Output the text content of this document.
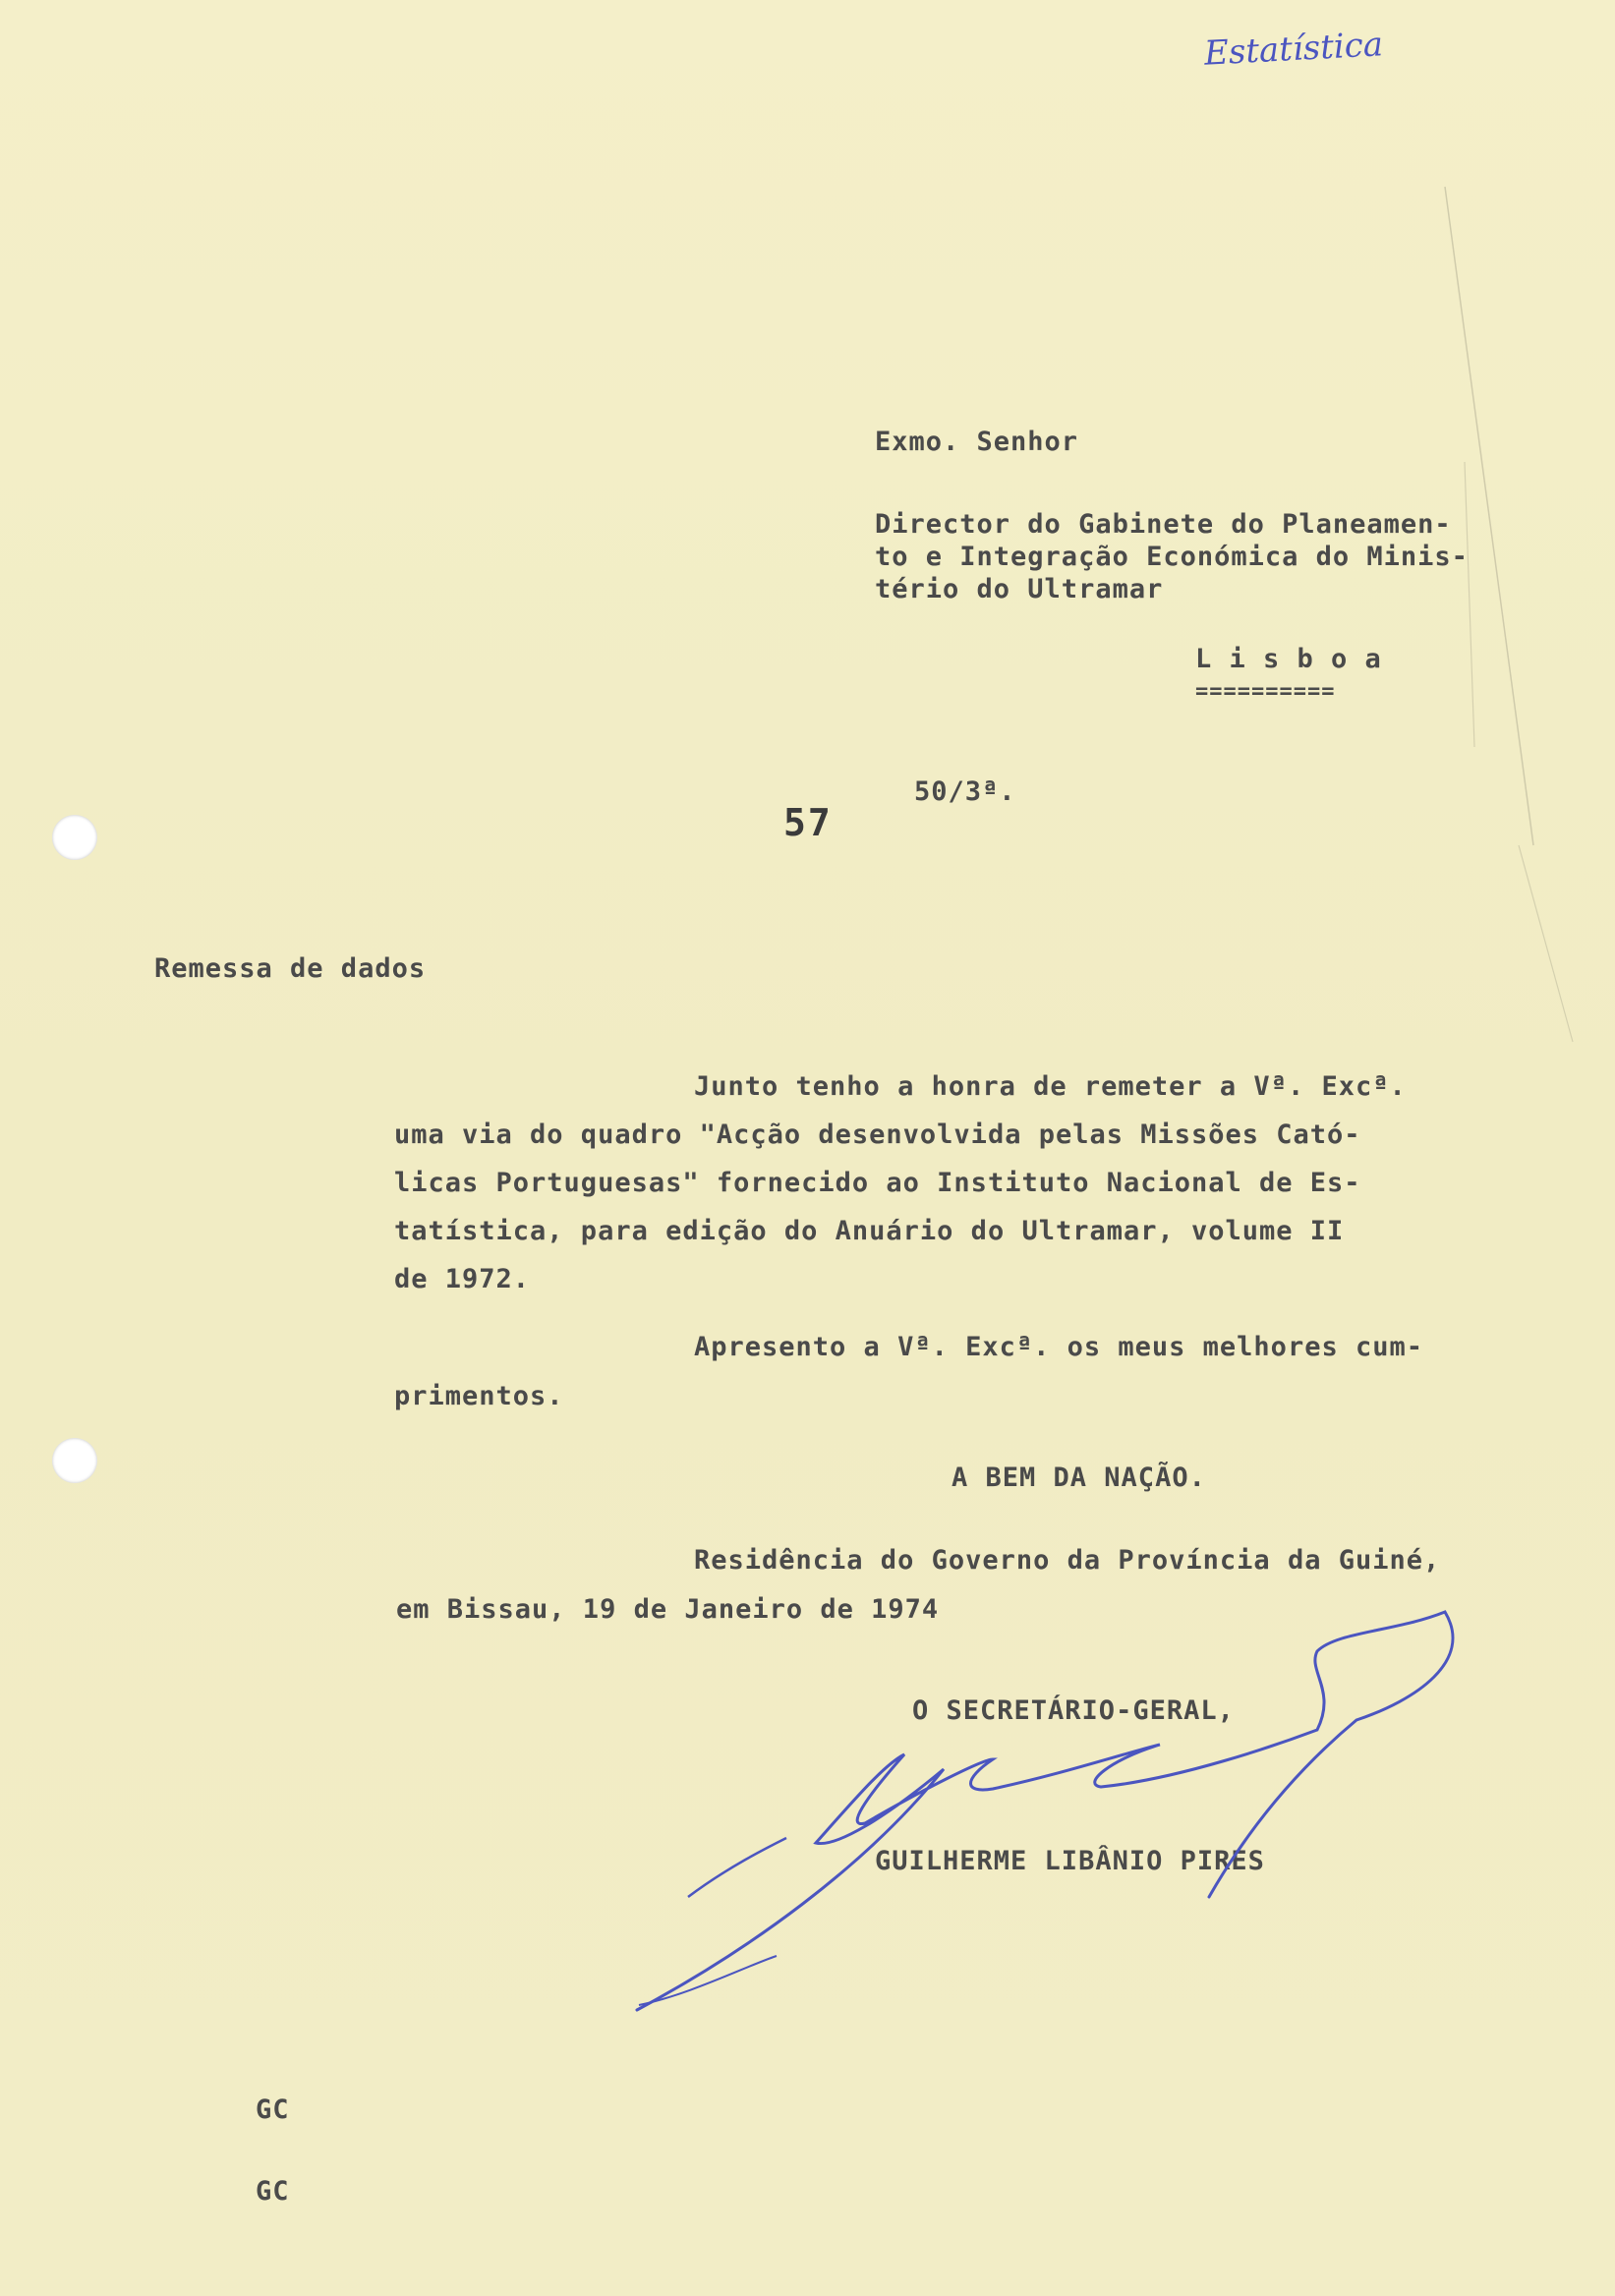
Estatística
Exmo. Senhor
Director do Gabinete do Planeamen-
to e Integração Económica do Minis-
tério do Ultramar
L i s b o a
==========
50/3ª.
57
Remessa de dados
Junto tenho a honra de remeter a Vª. Excª.
uma via do quadro "Acção desenvolvida pelas Missões Cató-
licas Portuguesas" fornecido ao Instituto Nacional de Es-
tatística, para edição do Anuário do Ultramar, volume II
de 1972.
Apresento a Vª. Excª. os meus melhores cum-
primentos.
A BEM DA NAÇÃO.
Residência do Governo da Província da Guiné,
em Bissau, 19 de Janeiro de 1974
O SECRETÁRIO-GERAL,
GUILHERME LIBÂNIO PIRES
GC
GC
